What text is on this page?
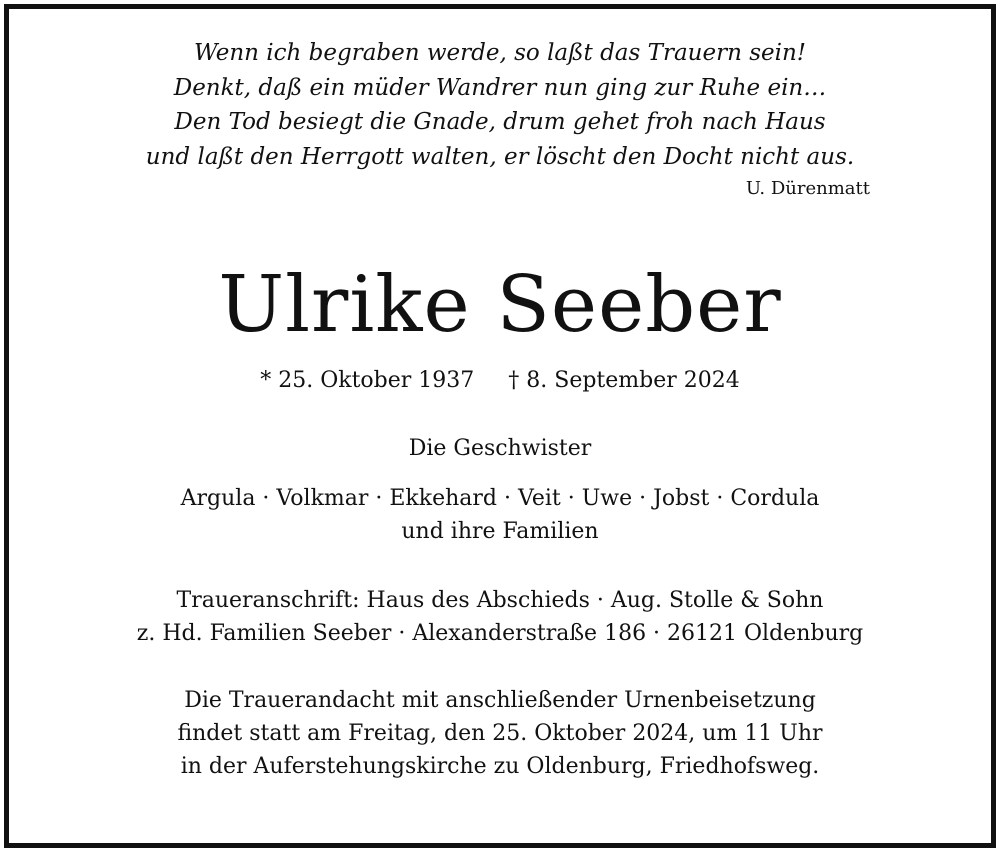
Wenn ich begraben werde, so laßt das Trauern sein!
Denkt, daß ein müder Wandrer nun ging zur Ruhe ein…
Den Tod besiegt die Gnade, drum gehet froh nach Haus
und laßt den Herrgott walten, er löscht den Docht nicht aus.
U. Dürenmatt
Ulrike Seeber
* 25. Oktober 1937 † 8. September 2024
Die Geschwister
Argula · Volkmar · Ekkehard · Veit · Uwe · Jobst · Cordula
und ihre Familien
Traueranschrift: Haus des Abschieds · Aug. Stolle & Sohn
z. Hd. Familien Seeber · Alexanderstraße 186 · 26121 Oldenburg
Die Trauerandacht mit anschließender Urnenbeisetzung
findet statt am Freitag, den 25. Oktober 2024, um 11 Uhr
in der Auferstehungskirche zu Oldenburg, Friedhofsweg.
